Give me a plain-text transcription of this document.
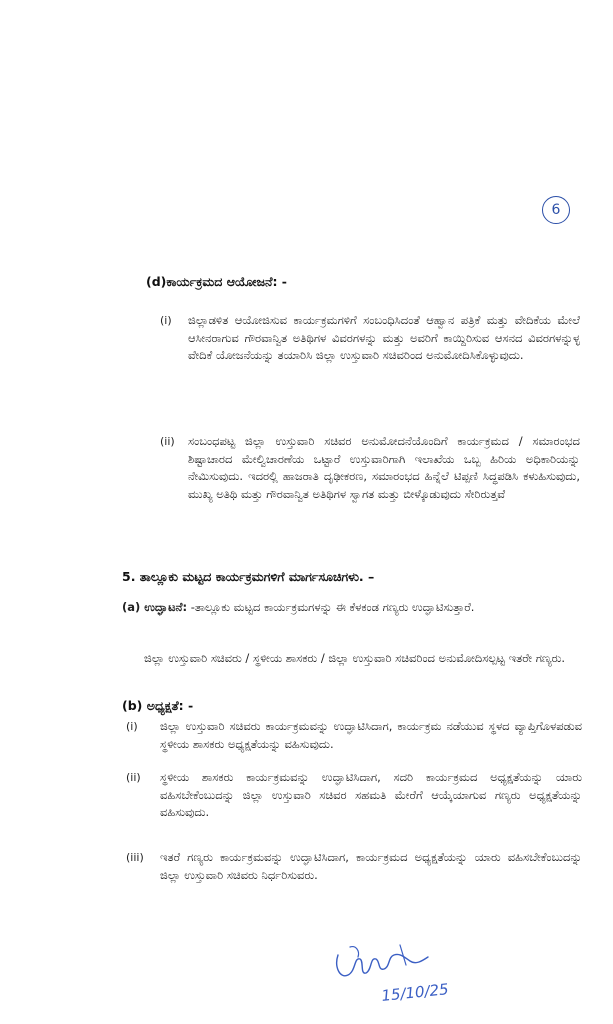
6
(d)ಕಾರ್ಯಕ್ರಮದ ಆಯೋಜನೆ: -
(i) ಜಿಲ್ಲಾಡಳಿತ ಆಯೋಜಿಸುವ ಕಾರ್ಯಕ್ರಮಗಳಿಗೆ ಸಂಬಂಧಿಸಿದಂತೆ ಆಹ್ವಾನ ಪತ್ರಿಕೆ ಮತ್ತು ವೇದಿಕೆಯ ಮೇಲೆ ಆಸೀನರಾಗುವ ಗೌರವಾನ್ವಿತ ಅತಿಥಿಗಳ ವಿವರಗಳನ್ನು ಮತ್ತು ಅವರಿಗೆ ಕಾಯ್ದಿರಿಸುವ ಆಸನದ ವಿವರಗಳನ್ನುಳ್ಳ ವೇದಿಕೆ ಯೋಜನೆಯನ್ನು ತಯಾರಿಸಿ ಜಿಲ್ಲಾ ಉಸ್ತುವಾರಿ ಸಚಿವರಿಂದ ಅನುಮೋದಿಸಿಕೊಳ್ಳುವುದು.
(ii) ಸಂಬಂಧಪಟ್ಟ ಜಿಲ್ಲಾ ಉಸ್ತುವಾರಿ ಸಚಿವರ ಅನುಮೋದನೆಯೊಂದಿಗೆ ಕಾರ್ಯಕ್ರಮದ / ಸಮಾರಂಭದ ಶಿಷ್ಟಾಚಾರದ ಮೇಲ್ವಿಚಾರಣೆಯ ಒಟ್ಟಾರೆ ಉಸ್ತುವಾರಿಗಾಗಿ ಇಲಾಖೆಯ ಒಬ್ಬ ಹಿರಿಯ ಅಧಿಕಾರಿಯನ್ನು ನೇಮಿಸುವುದು. ಇದರಲ್ಲಿ ಹಾಜರಾತಿ ದೃಢೀಕರಣ, ಸಮಾರಂಭದ ಹಿನ್ನೆಲೆ ಟಿಪ್ಪಣಿ ಸಿದ್ಧಪಡಿಸಿ ಕಳುಹಿಸುವುದು, ಮುಖ್ಯ ಅತಿಥಿ ಮತ್ತು ಗೌರವಾನ್ವಿತ ಅತಿಥಿಗಳ ಸ್ವಾಗತ ಮತ್ತು ಬೀಳ್ಕೊಡುವುದು ಸೇರಿರುತ್ತವೆ
5. ತಾಲ್ಲೂಕು ಮಟ್ಟದ ಕಾರ್ಯಕ್ರಮಗಳಿಗೆ ಮಾರ್ಗಸೂಚಿಗಳು. –
(a) ಉದ್ಘಾಟನೆ: -ತಾಲ್ಲೂಕು ಮಟ್ಟದ ಕಾರ್ಯಕ್ರಮಗಳನ್ನು ಈ ಕೆಳಕಂಡ ಗಣ್ಯರು ಉದ್ಘಾಟಿಸುತ್ತಾರೆ.
ಜಿಲ್ಲಾ ಉಸ್ತುವಾರಿ ಸಚಿವರು / ಸ್ಥಳೀಯ ಶಾಸಕರು / ಜಿಲ್ಲಾ ಉಸ್ತುವಾರಿ ಸಚಿವರಿಂದ ಅನುಮೋದಿಸಲ್ಪಟ್ಟ ಇತರೇ ಗಣ್ಯರು.
(b) ಅಧ್ಯಕ್ಷತೆ: -
(i) ಜಿಲ್ಲಾ ಉಸ್ತುವಾರಿ ಸಚಿವರು ಕಾರ್ಯಕ್ರಮವನ್ನು ಉದ್ಘಾಟಿಸಿದಾಗ, ಕಾರ್ಯಕ್ರಮ ನಡೆಯುವ ಸ್ಥಳದ ವ್ಯಾಪ್ತಿಗೊಳಪಡುವ ಸ್ಥಳೀಯ ಶಾಸಕರು ಅಧ್ಯಕ್ಷತೆಯನ್ನು ವಹಿಸುವುದು.
(ii) ಸ್ಥಳೀಯ ಶಾಸಕರು ಕಾರ್ಯಕ್ರಮವನ್ನು ಉದ್ಘಾಟಿಸಿದಾಗ, ಸದರಿ ಕಾರ್ಯಕ್ರಮದ ಅಧ್ಯಕ್ಷತೆಯನ್ನು ಯಾರು ವಹಿಸಬೇಕೆಂಬುದನ್ನು ಜಿಲ್ಲಾ ಉಸ್ತುವಾರಿ ಸಚಿವರ ಸಹಮತಿ ಮೇರೆಗೆ ಆಯ್ಕೆಯಾಗುವ ಗಣ್ಯರು ಅಧ್ಯಕ್ಷತೆಯನ್ನು ವಹಿಸುವುದು.
(iii) ಇತರೆ ಗಣ್ಯರು ಕಾರ್ಯಕ್ರಮವನ್ನು ಉದ್ಘಾಟಿಸಿದಾಗ, ಕಾರ್ಯಕ್ರಮದ ಅಧ್ಯಕ್ಷತೆಯನ್ನು ಯಾರು ವಹಿಸಬೇಕೆಂಬುದನ್ನು ಜಿಲ್ಲಾ ಉಸ್ತುವಾರಿ ಸಚಿವರು ನಿರ್ಧರಿಸುವರು.
15/10/25
